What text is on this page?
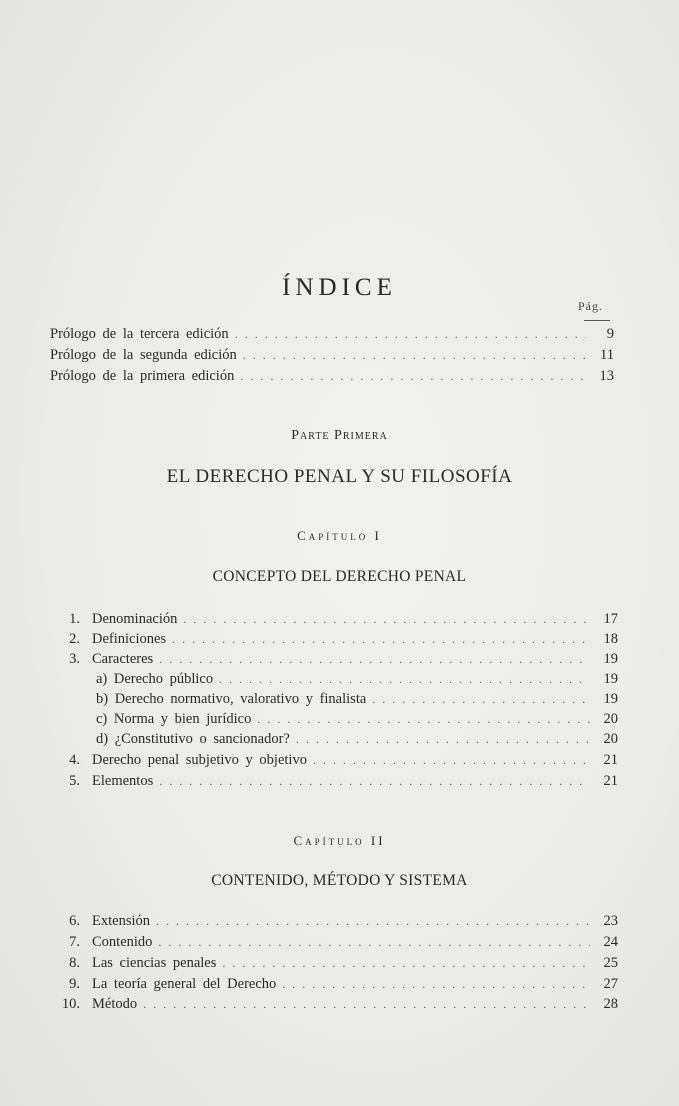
ÍNDICE
Pág.
Prólogo de la tercera edición . . .	9
Prólogo de la segunda edición . . .	11
Prólogo de la primera edición . . .	13
Parte Primera
EL DERECHO PENAL Y SU FILOSOFÍA
Capítulo I
CONCEPTO DEL DERECHO PENAL
1. Denominación . . .	17
2. Definiciones . . .	18
3. Caracteres . . .	19
a) Derecho público . . .	19
b) Derecho normativo, valorativo y finalista . . .	19
c) Norma y bien jurídico . . .	20
d) ¿Constitutivo o sancionador? . . .	20
4. Derecho penal subjetivo y objetivo . . .	21
5. Elementos . . .	21
Capítulo II
CONTENIDO, MÉTODO Y SISTEMA
6. Extensión . . .	23
7. Contenido . . .	24
8. Las ciencias penales . . .	25
9. La teoría general del Derecho . . .	27
10. Método . . .	28
